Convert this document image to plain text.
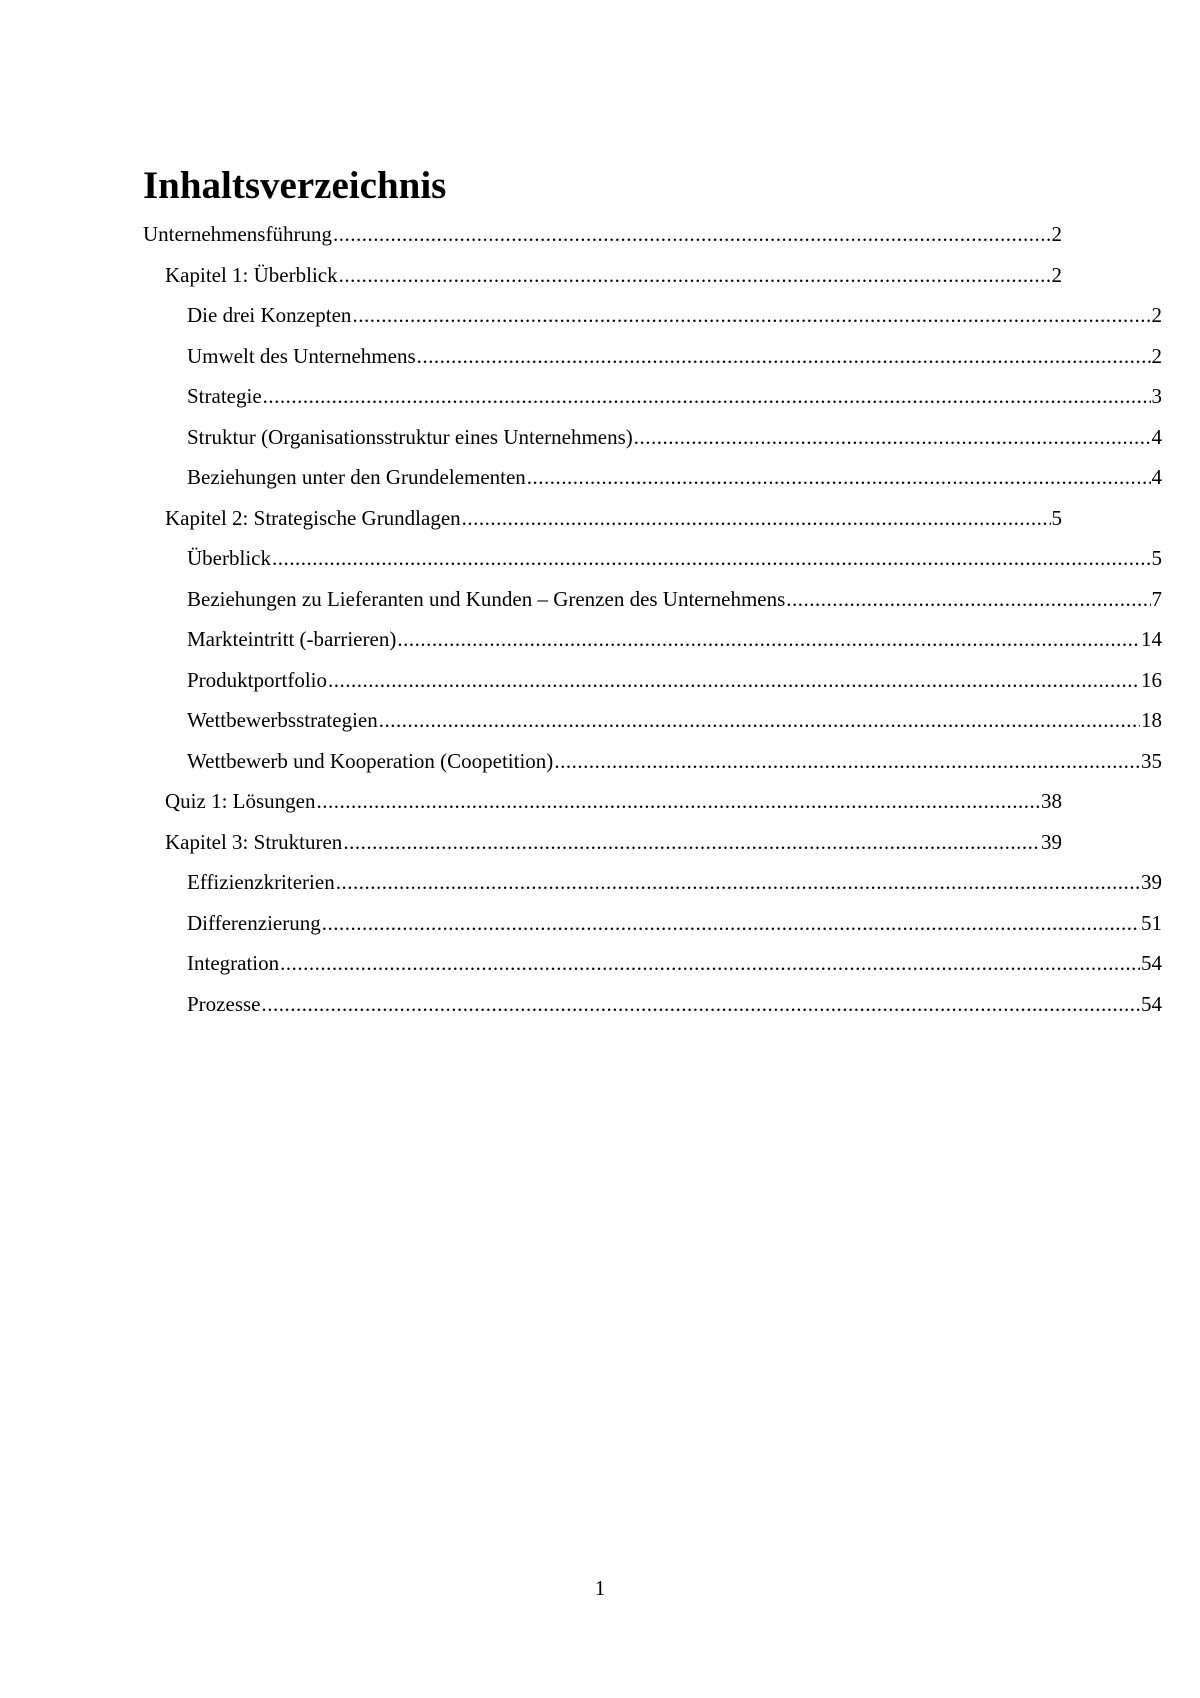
Inhaltsverzeichnis
Unternehmensführung .....	2
Kapitel 1: Überblick .....	2
Die drei Konzepten .....	2
Umwelt des Unternehmens .....	2
Strategie .....	3
Struktur (Organisationsstruktur eines Unternehmens) .....	4
Beziehungen unter den Grundelementen .....	4
Kapitel 2: Strategische Grundlagen .....	5
Überblick .....	5
Beziehungen zu Lieferanten und Kunden – Grenzen des Unternehmens .....	7
Markteintritt (-barrieren) .....	14
Produktportfolio .....	16
Wettbewerbsstrategien .....	18
Wettbewerb und Kooperation (Coopetition) .....	35
Quiz 1: Lösungen .....	38
Kapitel 3: Strukturen .....	39
Effizienzkriterien .....	39
Differenzierung .....	51
Integration .....	54
Prozesse .....	54
1
